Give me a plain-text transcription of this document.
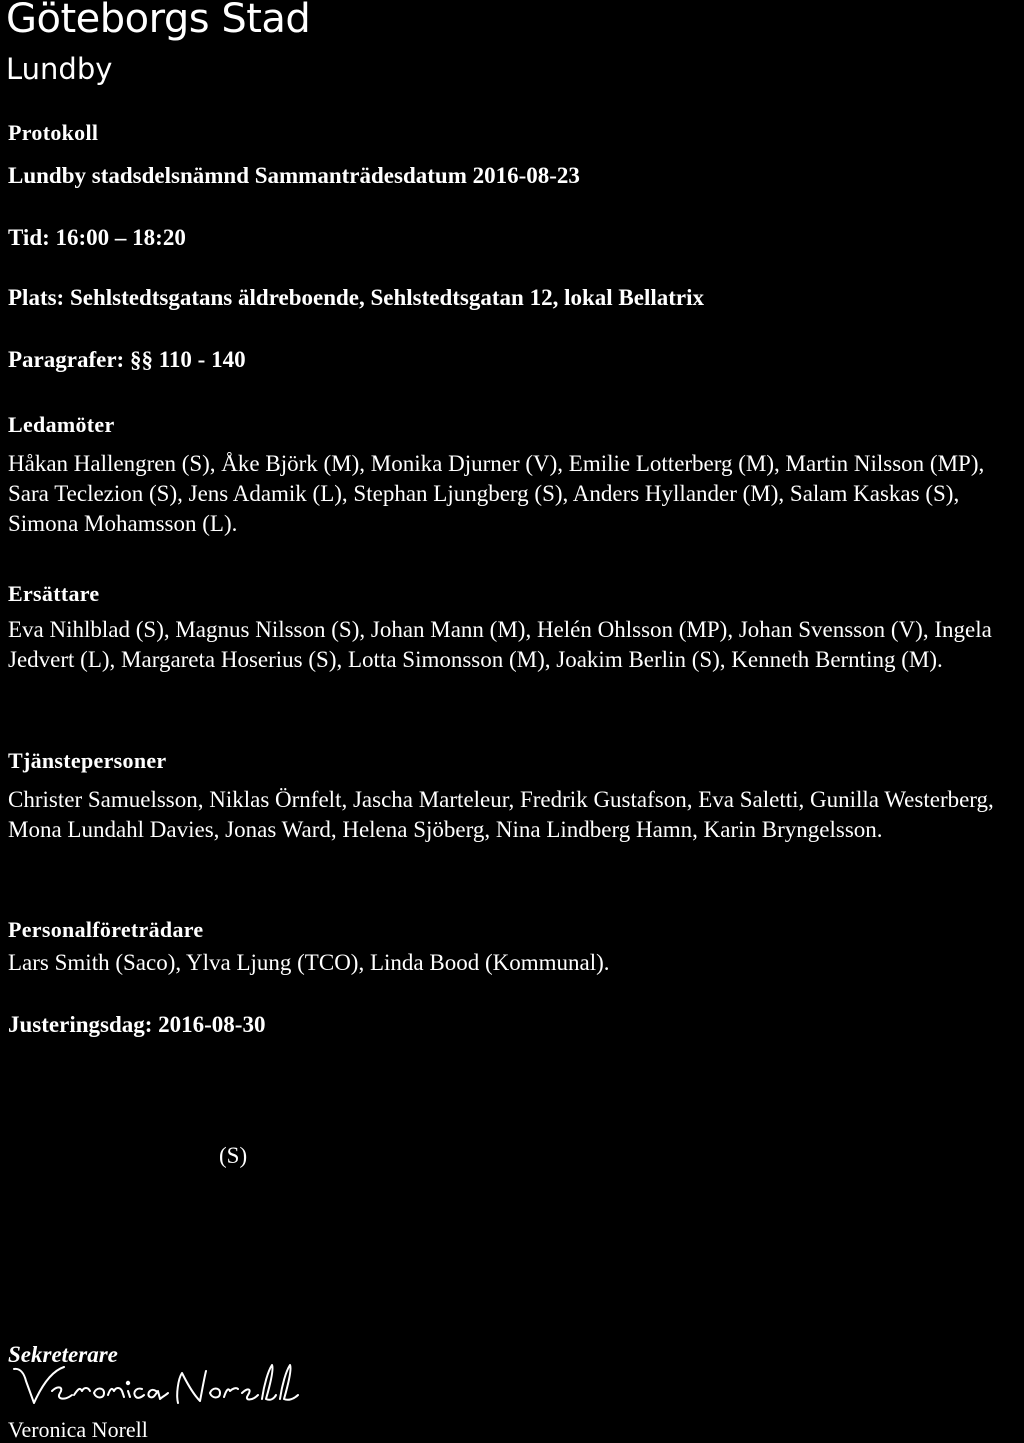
Göteborgs Stad
Lundby
Protokoll
Lundby stadsdelsnämnd Sammanträdesdatum 2016-08-23
Tid: 16:00 – 18:20
Plats: Sehlstedtsgatans äldreboende, Sehlstedtsgatan 12, lokal Bellatrix
Paragrafer: §§ 110 - 140
Ledamöter
Håkan Hallengren (S), Åke Björk (M), Monika Djurner (V), Emilie Lotterberg (M), Martin Nilsson (MP), Sara Teclezion (S), Jens Adamik (L), Stephan Ljungberg (S), Anders Hyllander (M), Salam Kaskas (S), Simona Mohamsson (L).
Ersättare
Eva Nihlblad (S), Magnus Nilsson (S), Johan Mann (M), Helén Ohlsson (MP), Johan Svensson (V), Ingela Jedvert (L), Margareta Hoserius (S), Lotta Simonsson (M), Joakim Berlin (S), Kenneth Bernting (M).
Tjänstepersoner
Christer Samuelsson, Niklas Örnfelt, Jascha Marteleur, Fredrik Gustafson, Eva Saletti, Gunilla Westerberg, Mona Lundahl Davies, Jonas Ward, Helena Sjöberg, Nina Lindberg Hamn, Karin Bryngelsson.
Personalföreträdare
Lars Smith (Saco), Ylva Ljung (TCO), Linda Bood (Kommunal).
Justeringsdag: 2016-08-30
(S)
Sekreterare
Veronica Norell
